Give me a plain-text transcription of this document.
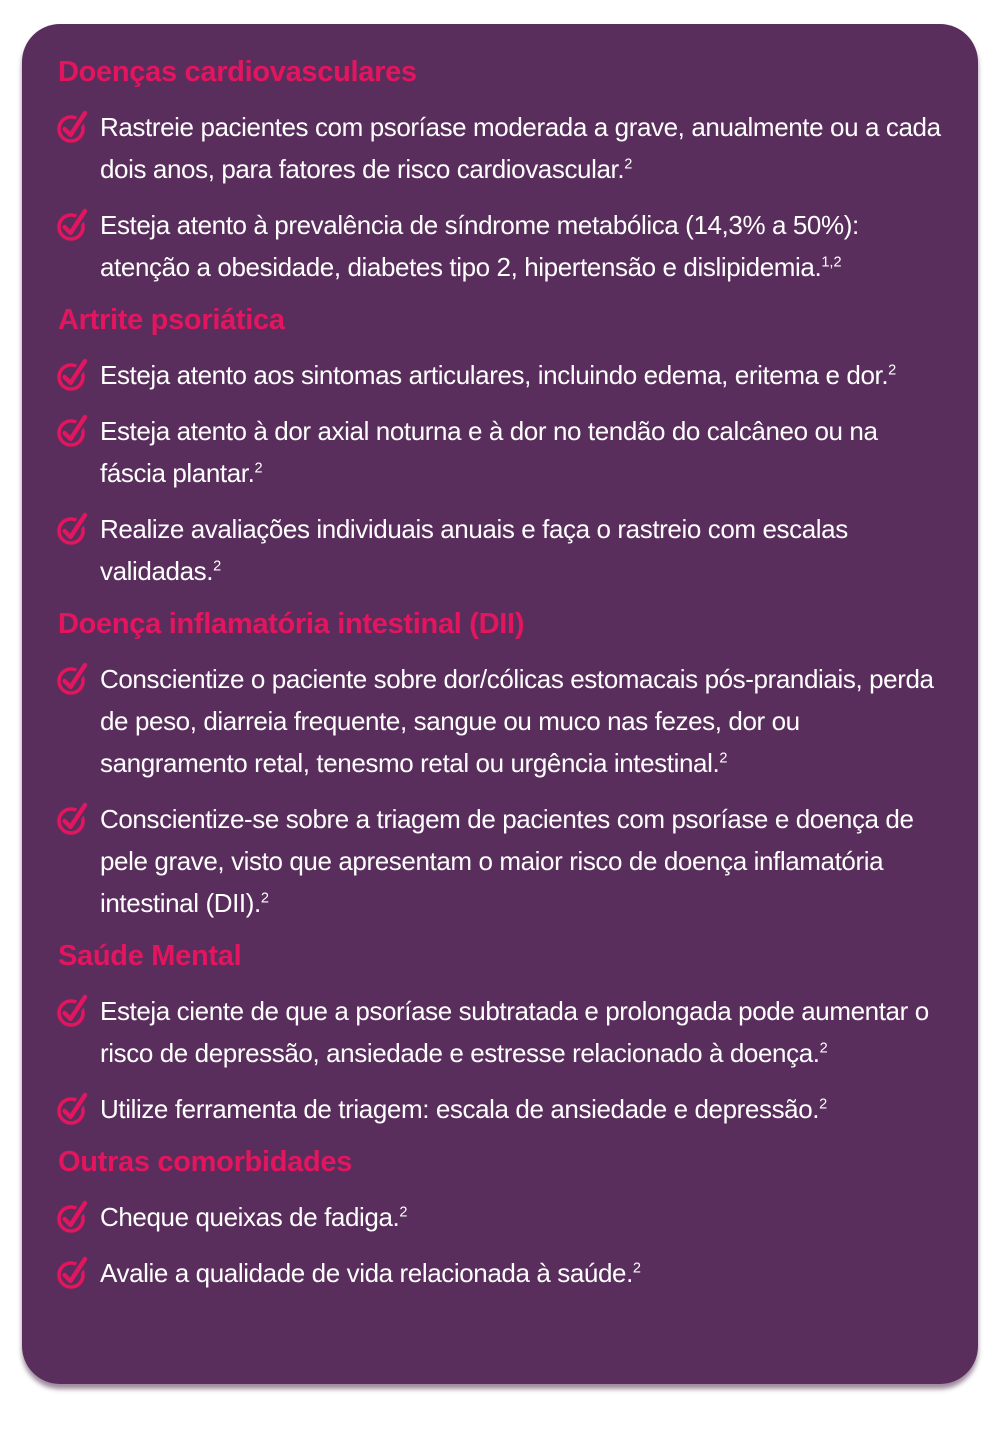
Doenças cardiovasculares

Rastreie pacientes com psoríase moderada a grave, anualmente ou a cada dois anos, para fatores de risco cardiovascular.$^2$

Esteja atento à prevalência de síndrome metabólica (14,3% a 50%): atenção a obesidade, diabetes tipo 2, hipertensão e dislipidemia.$^{1,2}$

Artrite psoriática

Esteja atento aos sintomas articulares, incluindo edema, eritema e dor.$^2$

Esteja atento à dor axial noturna e à dor no tendão do calcâneo ou na fáscia plantar.$^2$

Realize avaliações individuais anuais e faça o rastreio com escalas validadas.$^2$

Doença inflamatória intestinal (DII)

Conscientize o paciente sobre dor/cólicas estomacais pós-prandiais, perda de peso, diarreia frequente, sangue ou muco nas fezes, dor ou sangramento retal, tenesmo retal ou urgência intestinal.$^2$

Conscientize-se sobre a triagem de pacientes com psoríase e doença de pele grave, visto que apresentam o maior risco de doença inflamatória intestinal (DII).$^2$

Saúde Mental

Esteja ciente de que a psoríase subtratada e prolongada pode aumentar o risco de depressão, ansiedade e estresse relacionado à doença.$^2$

Utilize ferramenta de triagem: escala de ansiedade e depressão.$^2$

Outras comorbidades

Cheque queixas de fadiga.$^2$

Avalie a qualidade de vida relacionada à saúde.$^2$
